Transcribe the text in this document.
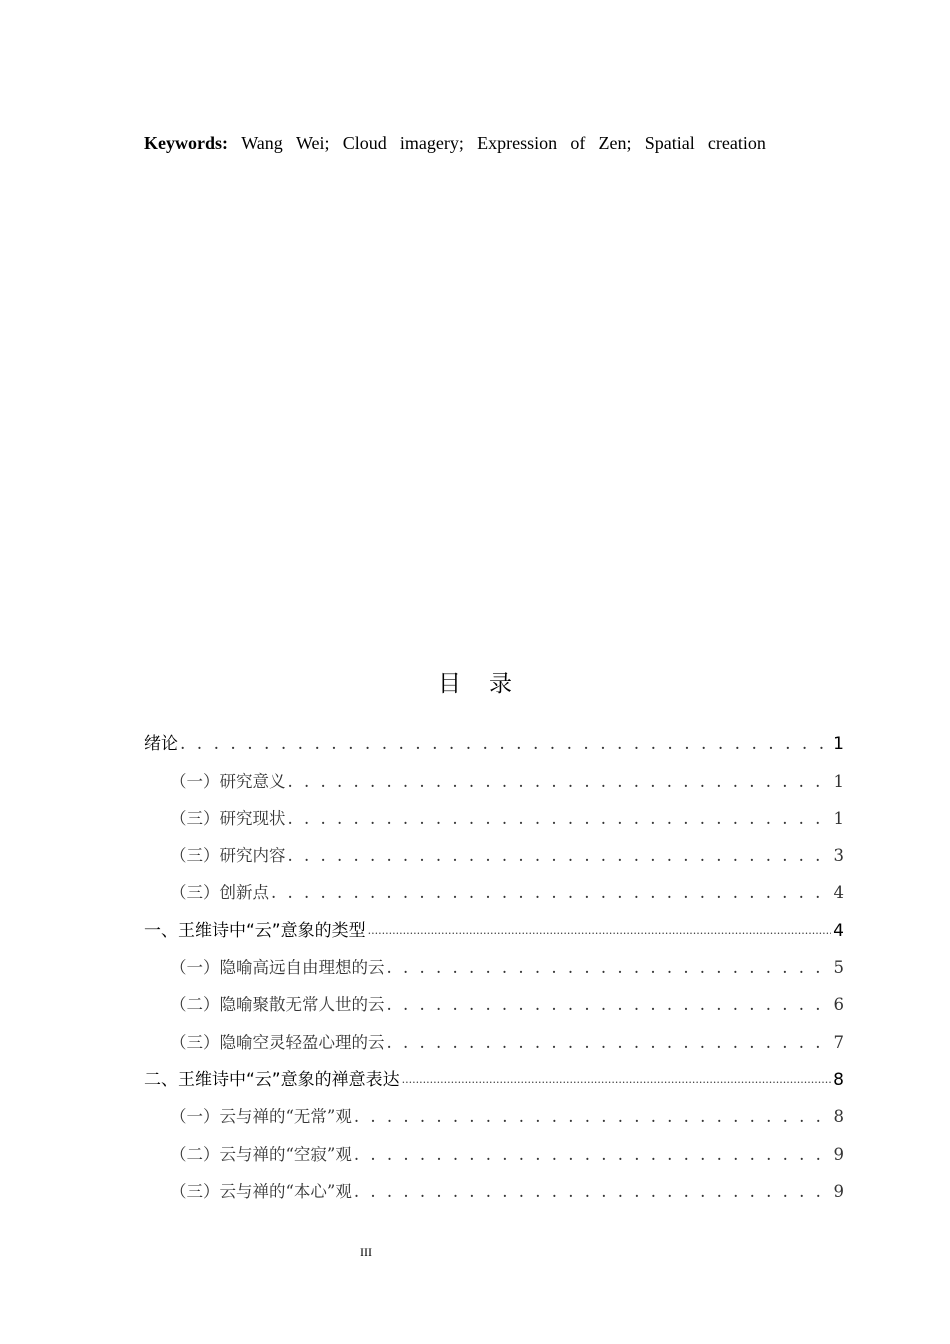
Keywords: Wang Wei; Cloud imagery; Expression of Zen; Spatial creation
目录
绪论 . . .	1
（一）研究意义 . . .	1
（三）研究现状 . . .	1
（三）研究内容 . . .	3
（三）创新点 . . .	4
一、王维诗中“云”意象的类型 .....	4
（一）隐喻高远自由理想的云 . . .	5
（二）隐喻聚散无常人世的云 . . .	6
（三）隐喻空灵轻盈心理的云 . . .	7
二、王维诗中“云”意象的禅意表达 .....	8
（一）云与禅的“无常”观 . . .	8
（二）云与禅的“空寂”观 . . .	9
（三）云与禅的“本心”观 . . .	9
III
